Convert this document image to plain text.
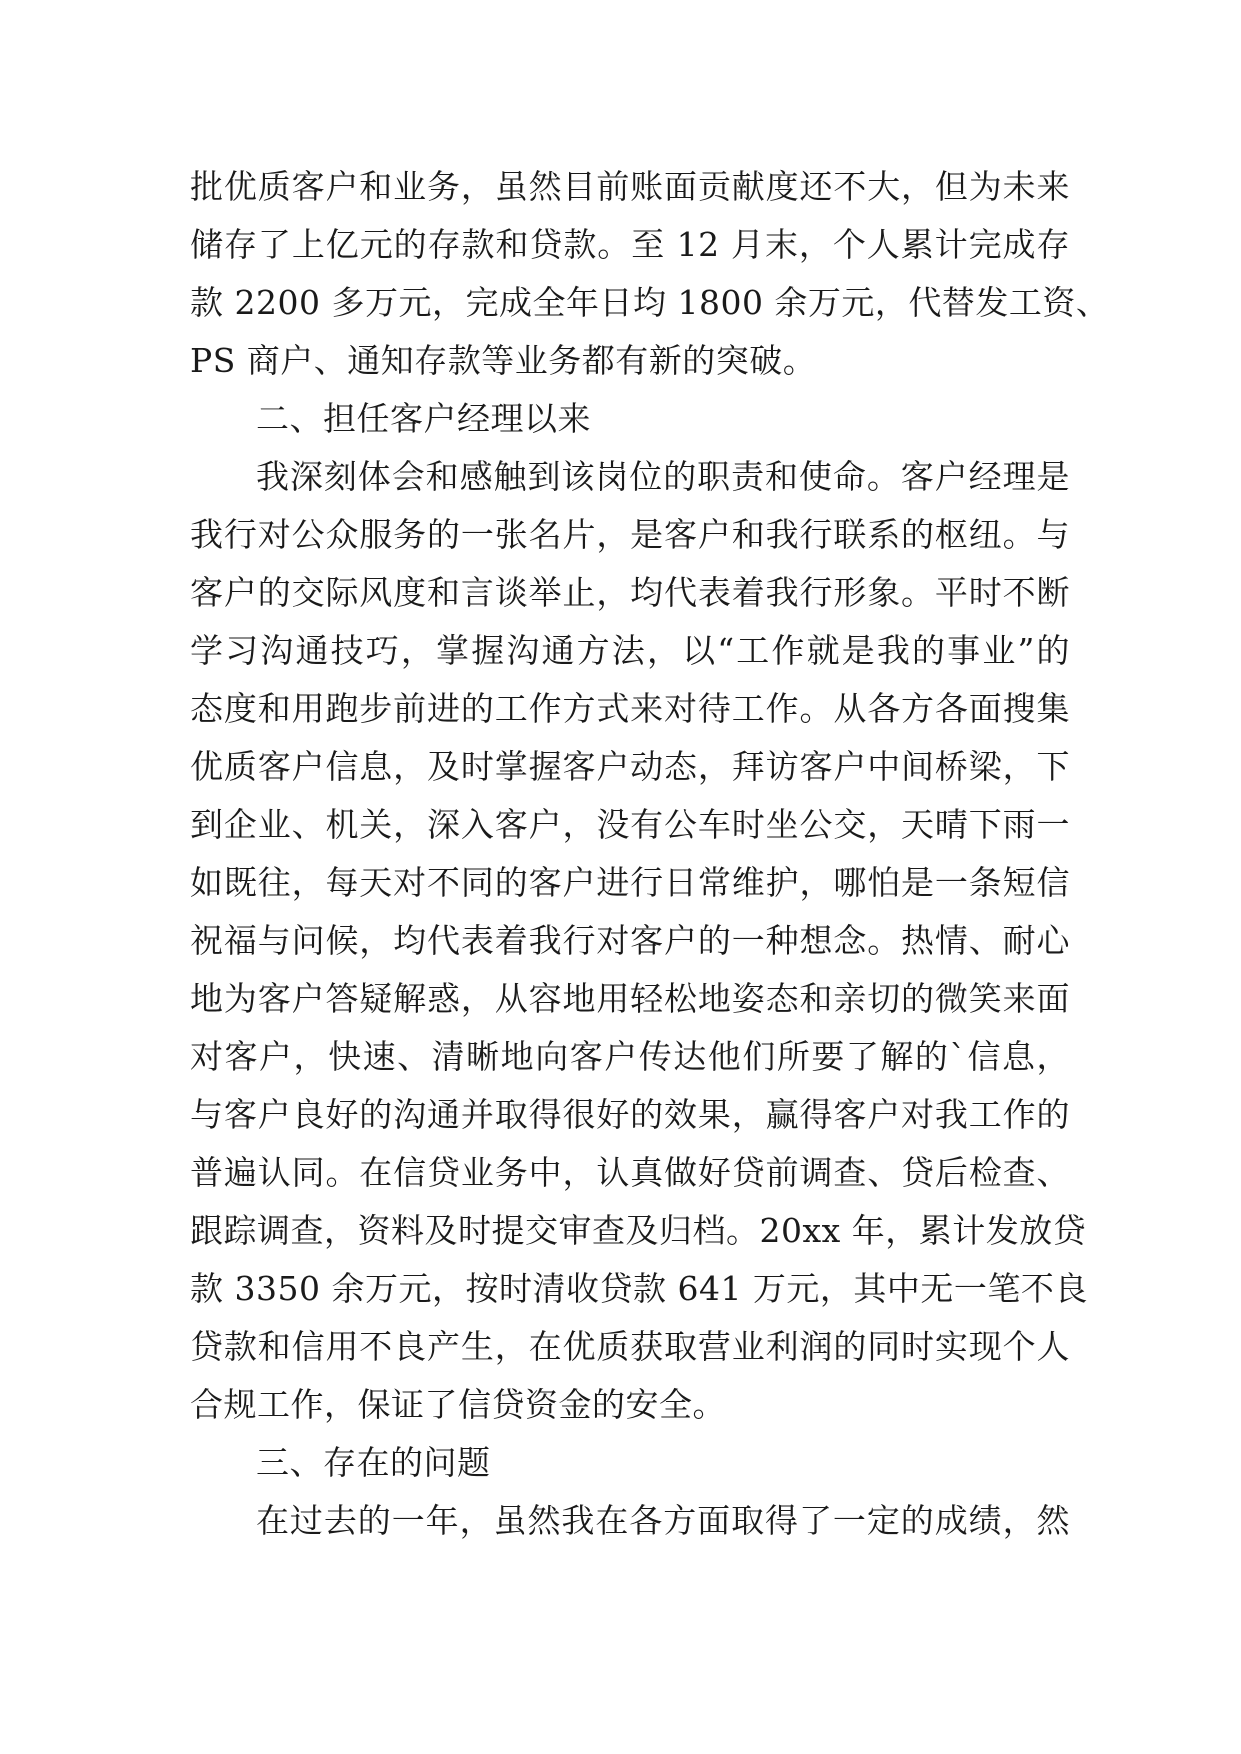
批优质客户和业务，虽然目前账面贡献度还不大，但为未来
储存了上亿元的存款和贷款。至 12 月末，个人累计完成存
款 2200 多万元，完成全年日均 1800 余万元，代替发工资、
PS 商户、通知存款等业务都有新的突破。
二、担任客户经理以来
我深刻体会和感触到该岗位的职责和使命。客户经理是
我行对公众服务的一张名片，是客户和我行联系的枢纽。与
客户的交际风度和言谈举止，均代表着我行形象。平时不断
学习沟通技巧，掌握沟通方法，以“工作就是我的事业”的
态度和用跑步前进的工作方式来对待工作。从各方各面搜集
优质客户信息，及时掌握客户动态，拜访客户中间桥梁，下
到企业、机关，深入客户，没有公车时坐公交，天晴下雨一
如既往，每天对不同的客户进行日常维护，哪怕是一条短信
祝福与问候，均代表着我行对客户的一种想念。热情、耐心
地为客户答疑解惑，从容地用轻松地姿态和亲切的微笑来面
对客户，快速、清晰地向客户传达他们所要了解的`信息，
与客户良好的沟通并取得很好的效果，赢得客户对我工作的
普遍认同。在信贷业务中，认真做好贷前调查、贷后检查、
跟踪调查，资料及时提交审查及归档。20xx 年，累计发放贷
款 3350 余万元，按时清收贷款 641 万元，其中无一笔不良
贷款和信用不良产生，在优质获取营业利润的同时实现个人
合规工作，保证了信贷资金的安全。
三、存在的问题
在过去的一年，虽然我在各方面取得了一定的成绩，然
